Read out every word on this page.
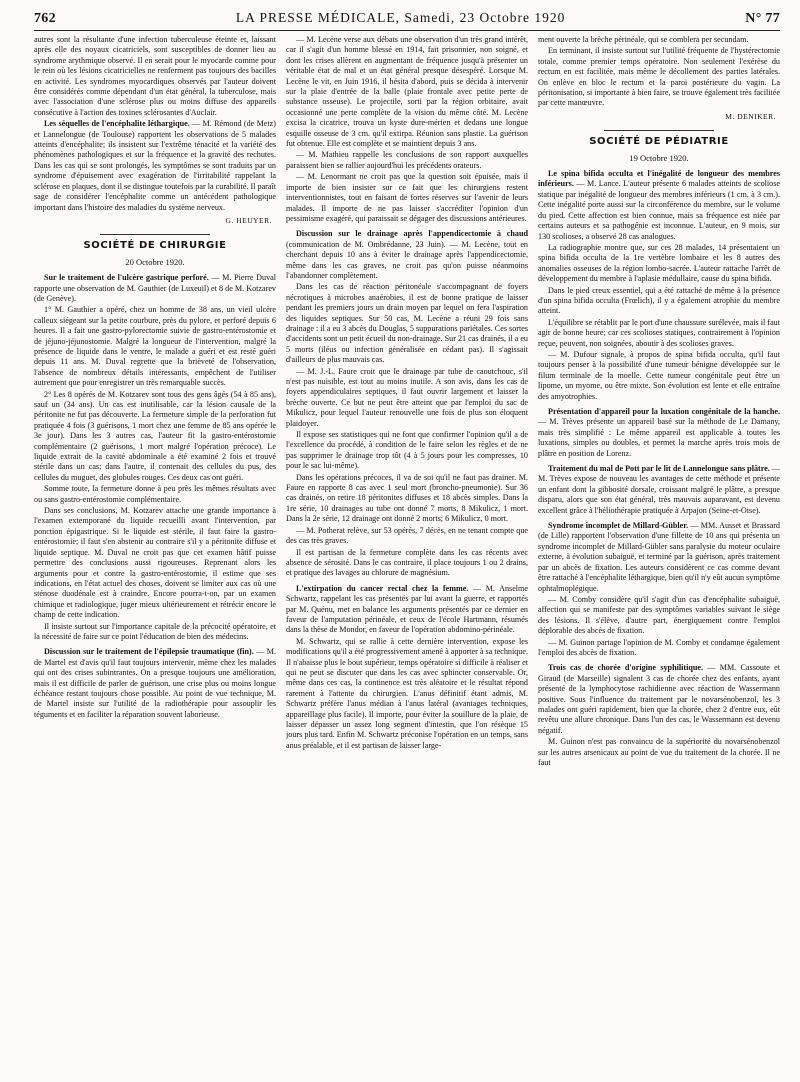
762	LA PRESSE MÉDICALE, Samedi, 23 Octobre 1920	N° 77

autres sont la résultante d'une infection tuberculeuse éteinte et, laissant après elle des noyaux cicatriciels, sont susceptibles de donner lieu au syndrome arythmique observé. Il en serait pour le myocarde comme pour le rein où les lésions cicatricielles ne renferment pas toujours des bacilles en activité. Les syndromes myocardiques observés par l'auteur doivent être considérés comme dépendant d'un état général, la tuberculose, mais avec l'association d'une sclérose plus ou moins diffuse des appareils consécutive à l'action des toxines sclérosantes d'Auclair.

Les séquelles de l'encéphalite léthargique. — M. Rémond (de Metz) et Lannelongue (de Toulouse) rapportent les observations de 5 malades atteints d'encéphalite; ils insistent sur l'extrême ténacité et la variété des phénomènes pathologiques et sur la fréquence et la gravité des rechutes. Dans les cas qui se sont prolongés, les symptômes se sont traduits par un syndrome d'épuisement avec exagération de l'irritabilité rappelant la sclérose en plaques, dont il se distingue toutefois par la curabilité. Il paraît sage de considérer l'encéphalite comme un antécédent pathologique important dans l'histoire des maladies du système nerveux.

G. HEUYER.
SOCIÉTÉ DE CHIRURGIE
20 Octobre 1920.

Sur le traitement de l'ulcère gastrique perforé. — M. Pierre Duval rapporte une observation de M. Gauthier (de Luxeuil) et 8 de M. Kotzarev (de Genève).

1° M. Gauthier a opéré, chez un homme de 38 ans, un vieil ulcère calleux siégeant sur la petite courbure, près du pylore, et perforé depuis 6 heures. Il a fait une gastro-pylorectomie suivie de gastro-entérostomie et de jéjuno-jéjunostomie. Malgré la longueur de l'intervention, malgré la présence de liquide dans le ventre, le malade a guéri et est resté guéri depuis 11 ans. M. Duval regrette que la brièveté de l'observation, l'absence de nombreux détails intéressants, empêchent de l'utiliser autrement que pour enregistrer un très remarquable succès.

2° Les 8 opérés de M. Kotzarev sont tous des gens âgés (54 à 85 ans), sauf un (34 ans). Un cas est inutilisable, car la lésion causale de la péritonite ne fut pas découverte. La fermeture simple de la perforation fut pratiquée 4 fois (3 guérisons, 1 mort chez une femme de 85 ans opérée le 3e jour). Dans les 3 autres cas, l'auteur fit la gastro-entérostomie complémentaire (2 guérisons, 1 mort malgré l'opération précoce). Le liquide extrait de la cavité abdominale a été examiné 2 fois et trouvé stérile dans un cas; dans l'autre, il contenait des cellules du pus, des cellules du muguet, des globules rouges. Ces deux cas ont guéri.

Somme toute, la fermeture donne à peu près les mêmes résultats avec ou sans gastro-entérostomie complémentaire.

Dans ses conclusions, M. Kotzarev attache une grande importance à l'examen extemporané du liquide recueilli avant l'intervention, par ponction épigastrique. Si le liquide est stérile, il faut faire la gastro-entérostomie; il faut s'en abstenir au contraire s'il y a péritonite diffuse et liquide septique. M. Duval ne croit pas que cet examen hâtif puisse permettre des conclusions aussi rigoureuses. Reprenant alors les arguments pour et contre la gastro-entérostomie, il estime que ses indications, en l'état actuel des choses, doivent se limiter aux cas où une sténose duodénale est à craindre. Encore pourra-t-on, par un examen chimique et radiologique, juger mieux ultérieurement et rétrécir encore le champ de cette indication.

Il insiste surtout sur l'importance capitale de la précocité opératoire, et la nécessité de faire sur ce point l'éducation de bien des médecins.

Discussion sur le traitement de l'épilepsie traumatique (fin). — M. de Martel est d'avis qu'il faut toujours intervenir, même chez les malades qui ont des crises subintrantes. On a presque toujours une amélioration, mais il est difficile de parler de guérison, une crise plus ou moins longue échéance restant toujours chose possible. Au point de vue technique, M. de Martel insiste sur l'utilité de la radiothérapie pour assouplir les téguments et en faciliter la réparation souvent laborieuse.

— M. Lecène verse aux débats une observation d'un très grand intérêt, car il s'agit d'un homme blessé en 1914, fait prisonnier, non soigné, et dont les crises allèrent en augmentant de fréquence jusqu'à présenter un véritable état de mal et un état général presque désespéré. Lorsque M. Lecène le vit, en Juin 1916, il hésita d'abord, puis se décida à intervenir sur la plaie d'entrée de la balle (plaie frontale avec petite perte de substance osseuse). Le projectile, sorti par la région orbitaire, avait occasionné une perte complète de la vision du même côté. M. Lecène excisa la cicatrice, trouva un kyste dure-mérien et dedans une longue esquille osseuse de 3 cm. qu'il extirpa. Réunion sans plastie. La guérison fut obtenue. Elle est complète et se maintient depuis 3 ans.

— M. Mathieu rappelle les conclusions de son rapport auxquelles paraissent bien se rallier aujourd'hui les précédents orateurs.

— M. Lenormant ne croit pas que la question soit épuisée, mais il importe de bien insister sur ce fait que les chirurgiens restent interventionnistes, tout en faisant de fortes réserves sur l'avenir de leurs malades. Il importe de ne pas laisser s'accréditer l'opinion d'un pessimisme exagéré, qui paraissait se dégager des discussions antérieures.

Discussion sur le drainage après l'appendicectomie à chaud (communication de M. Ombrédanne, 23 Juin). — M. Lecène, tout en cherchant depuis 10 ans à éviter le drainage après l'appendicectomie, même dans les cas graves, ne croit pas qu'on puisse néanmoins l'abandonner complètement.

Dans les cas de réaction péritonéale s'accompagnant de foyers nécrotiques à microbes anaérobies, il est de bonne pratique de laisser pendant les premiers jours un drain moyen par lequel on fera l'aspiration des liquides septiques. Sur 50 cas, M. Lecène a réuni 29 fois sans drainage : il a eu 3 abcès du Douglas, 5 suppurations pariétales. Ces sortes d'accidents sont un petit écueil du non-drainage. Sur 21 cas drainés, il a eu 5 morts (iléus ou infection généralisée en cédant pas). Il s'agissait d'ailleurs de plus mauvais cas.

— M. J.-L. Faure croit que le drainage par tube de caoutchouc, s'il n'est pas nuisible, est tout au moins inutile. A son avis, dans les cas de foyers appendiculaires septiques, il faut ouvrir largement et laisser la brèche ouverte. Ce but ne peut être atteint que par l'emploi du sac de Mikulicz, pour lequel l'auteur renouvelle une fois de plus son éloquent plaidoyer.

Il expose ses statistiques qui ne font que confirmer l'opinion qu'il a de l'excellence du procédé, à condition de le faire selon les règles et de ne pas supprimer le drainage trop tôt (4 à 5 jours pour les compresses, 10 pour le sac lui-même).

Dans les opérations précoces, il va de soi qu'il ne faut pas drainer. M. Faure en rapporte 8 cas avec 1 seul mort (broncho-pneumonie). Sur 36 cas drainés, on retire 18 péritonites diffuses et 18 abcès simples. Dans la 1re série, 10 drainages au tube ont donné 7 morts, 8 Mikulicz, 1 mort. Dans la 2e série, 12 drainage ont donné 2 morts; 6 Mikulicz, 0 mort.

— M. Potherat relève, sur 53 opérés, 7 décès, en ne tenant compte que des cas très graves.

Il est partisan de la fermeture complète dans les cas récents avec absence de sérosité. Dans le cas contraire, il place toujours 1 ou 2 drains, et pratique des lavages au chlorure de magnésium.

L'extirpation du cancer rectal chez la femme. — M. Anselme Schwartz, rappelant les cas présentés par lui avant la guerre, et rapportés par M. Quénu, met en balance les arguments présentés par ce dernier en faveur de l'amputation périnéale, et ceux de l'école Hartmann, résumés dans la thèse de Mondor, en faveur de l'opération abdomino-périnéale.

M. Schwartz, qui se rallie à cette dernière intervention, expose les modifications qu'il a été progressivement amené à apporter à sa technique. Il n'abaisse plus le bout supérieur, temps opératoire si difficile à réaliser et qui ne peut se discuter que dans les cas avec sphincter conservable. Or, même dans ces cas, la continence est très aléatoire et le résultat répond rarement à l'attente du chirurgien. L'anus définitif étant admis, M. Schwartz préfère l'anus médian à l'anus latéral (avantages techniques, appareillage plus facile). Il importe, pour éviter la souillure de la plaie, de laisser dépasser un assez long segment d'intestin, que l'on résèque 15 jours plus tard. Enfin M. Schwartz préconise l'opération en un temps, sans anus préalable, et il est partisan de laisser large-

ment ouverte la brèche périnéale, qui se comblera per secundam.

En terminant, il insiste surtout sur l'utilité fréquente de l'hystérectomie totale, comme premier temps opératoire. Non seulement l'exérèse du rectum en est facilitée, mais même le décollement des parties latérales. On enlève en bloc le rectum et la paroi postérieure du vagin. La péritonisation, si importante à bien faire, se trouve également très facilitée par cette manœuvre.

M. DENIKER.
SOCIÉTÉ DE PÉDIATRIE
19 Octobre 1920.

Le spina bifida occulta et l'inégalité de longueur des membres inférieurs. — M. Lance. L'auteur présente 6 malades atteints de scoliose statique par inégalité de longueur des membres inférieurs (1 cm. à 3 cm.). Cette inégalité porte aussi sur la circonférence du membre, sur le volume du pied. Cette affection est bien connue, mais sa fréquence est niée par certains auteurs et sa pathogénie est inconnue. L'auteur, en 9 mois, sur 130 scolioses, a observé 28 cas analogues.

La radiographie montre que, sur ces 28 malades, 14 présentaient un spina bifida occulta de la 1re vertèbre lombaire et les 8 autres des anomalies osseuses de la région lombo-sacrée. L'auteur rattache l'arrêt de développement du membre à l'aplasie médullaire, cause du spina bifida.

Dans le pied creux essentiel, qui a été rattaché de même à la présence d'un spina bifida occulta (Frœlich), il y a également atrophie du membre atteint.

L'équilibre se rétablit par le port d'une chaussure surélevée, mais il faut agir de bonne heure; car ces scolioses statiques, contrairement à l'opinion reçue, peuvent, non soignées, aboutir à des scolioses graves.

— M. Dufour signale, à propos de spina bifida occulta, qu'il faut toujours penser à la possibilité d'une tumeur bénigne développée sur le filum terminale de la moelle. Cette tumeur congénitale peut être un lipome, un myome, ou être mixte. Son évolution est lente et elle entraîne des amyotrophies.

Présentation d'appareil pour la luxation congénitale de la hanche. — M. Trèves présente un appareil basé sur la méthode de Le Damany, mais très simplifié : Le même appareil est applicable à toutes les luxations, simples ou doubles, et permet la marche après trois mois de plâtre en position de Lorenz.

Traitement du mal de Pott par le lit de Lannelongue sans plâtre. — M. Trèves expose de nouveau les avantages de cette méthode et présente un enfant dont la gibbosité dorsale, croissant malgré le plâtre, a presque disparu, alors que son état général, très mauvais auparavant, est devenu excellent grâce à l'héliothérapie pratiquée à Arpajon (Seine-et-Oise).

Syndrome incomplet de Millard-Gübler. — MM. Ausset et Brassard (de Lille) rapportent l'observation d'une fillette de 10 ans qui présenta un syndrome incomplet de Millard-Gübler sans paralysie du moteur oculaire externe, à évolution subaiguë, et terminé par la guérison, après traitement par un abcès de fixation. Les auteurs considèrent ce cas comme devant être rattaché à l'encéphalite léthargique, bien qu'il n'y eût aucun symptôme ophtalmoplégique.

— M. Comby considère qu'il s'agit d'un cas d'encéphalite subaiguë, affection qui se manifeste par des symptômes variables suivant le siège des lésions. Il s'élève, d'autre part, énergiquement contre l'emploi déplorable des abcès de fixation.

— M. Guinon partage l'opinion de M. Comby et condamne également l'emploi des abcès de fixation.

Trois cas de chorée d'origine syphilitique. — MM. Cassoute et Giraud (de Marseille) signalent 3 cas de chorée chez des enfants, ayant présenté de la lymphocytose rachidienne avec réaction de Wassermann positive. Sous l'influence du traitement par le novarsénobenzol, les 3 malades ont guéri rapidement, bien que la chorée, chez 2 d'entre eux, eût revêtu une allure chronique. Dans l'un des cas, le Wassermann est devenu négatif.

M. Guinon n'est pas convaincu de la supériorité du novarsénobenzol sur les autres arsenicaux au point de vue du traitement de la chorée. Il ne faut
